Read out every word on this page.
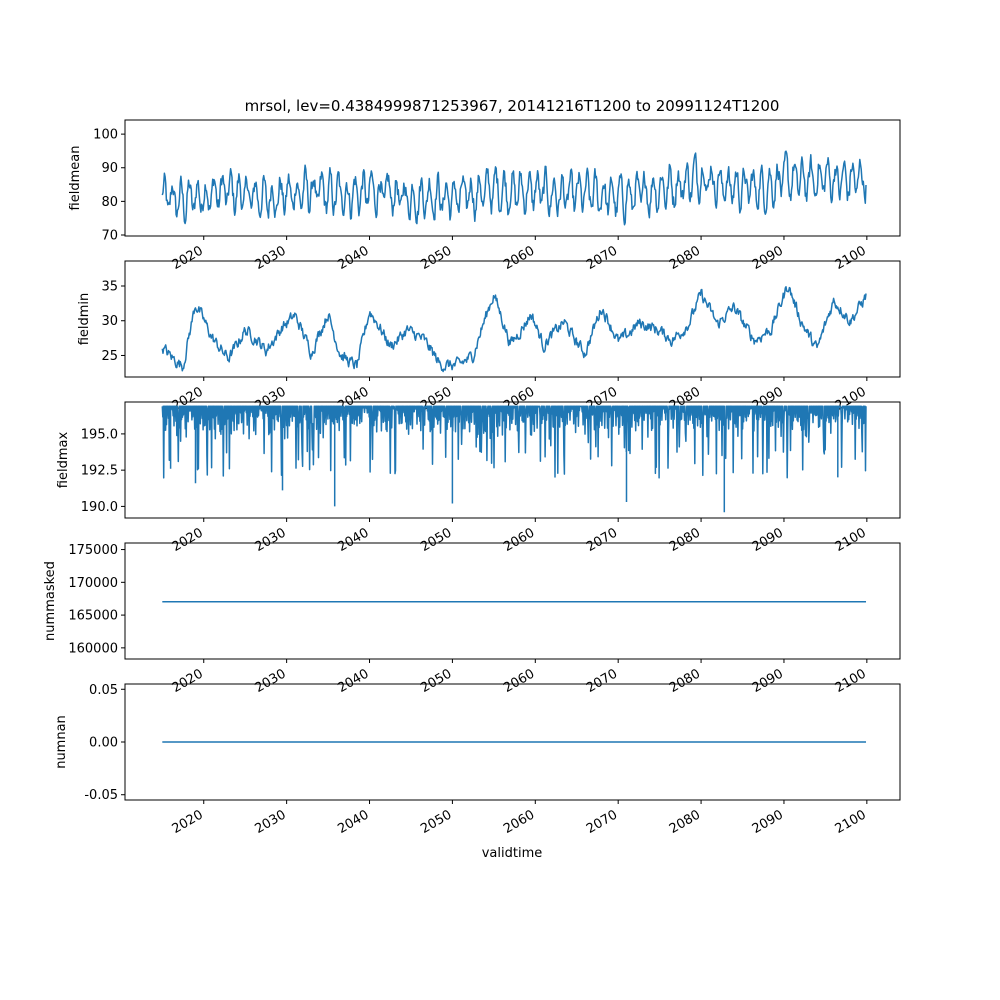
mrsol, lev=0.4384999871253967, 20141216T1200 to 20991124T1200
70
80
90
100
2020	2030	2040	2050	2060	2070	2080	2090	2100
fieldmean
25
30
35
2020	2030	2040	2050	2060	2070	2080	2090	2100
fieldmin
190.0
192.5
195.0
2020	2030	2040	2050	2060	2070	2080	2090	2100
fieldmax
160000
165000
170000
175000
2020	2030	2040	2050	2060	2070	2080	2090	2100
nummasked
-0.05
0.00
0.05
2020	2030	2040	2050	2060	2070	2080	2090	2100
numnan
validtime
